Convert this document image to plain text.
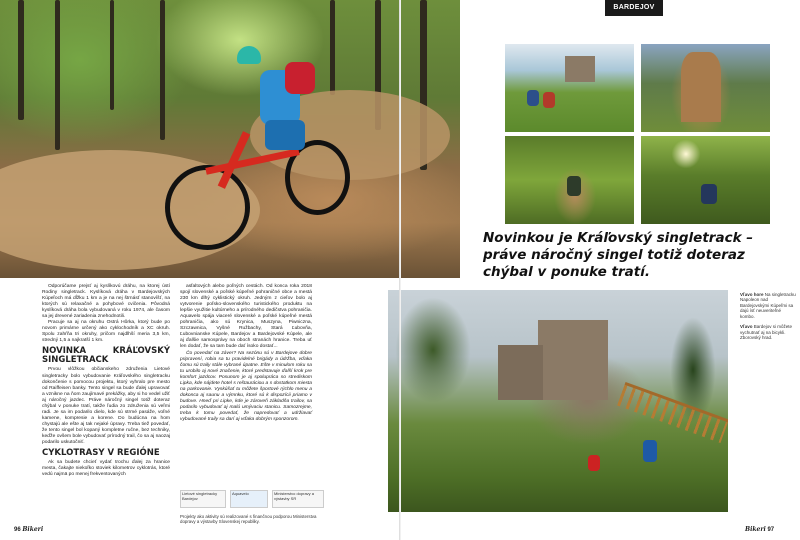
BARDEJOV

Novinkou je Kráľovský singletrack – práve náročný singel totiž doteraz chýbal v ponuke tratí.

Vľavo hore Na singletracku Napoleon nad Bardejovskými Kúpeľmi sa dajú ísť neuveriteľné kombo.

Vľavo Bardejov si môžete vychutnať aj na bicykli. Zborovský hrad.

Odporúčame prejsť aj kyslíkovú dráhu, na ktorej ústí Rodiny singletrack. Kyslíková dráha v Bardejovských Kúpeľoch má dĺžku 1 km a je na nej štrnásť stanovíšť, na ktorých sú relaxačné a pohybové cvičenia. Pôvodná kyslíková dráha bola vybudovaná v roku 1974, ale časom sa jej drevené zariadenia znehodnotili.

Pracuje sa aj na okruhu Ostrá Hôrka, ktorý bude po novom primárne určený ako cyklochodník a XC okruh. Spolu zahŕňa tri okruhy, pričom najdlhší meria 3,5 km, stredný 1,5 a najkratší 1 km.

NOVINKA KRÁĽOVSKÝ SINGLETRACK

Prvou vlôžkou občianskeho združenia Lietové singletracky bolo vybudovanie Kráľovského singletracku dokončenie s pomocou projektu, ktorý vyhralo pre mesto od Raiffeisen banky. Tento singel sa bude ďalej upravovať a vznikne na ňom zaujímavé prekážky, aby si ho vedel užiť aj náročný jazdec. Práve náročný singel totiž doteraz chýbal v ponuke tratí, takže ľudia zo združenia sú veľmi radi. Je sa im podarilo dielo, kde sú strmé pasáže, voľné kamene, kompresie a korene. Do budúcna na hom chystajú ale ešte aj tak nejaké úpravy. Treba tiež povedať, že tento singel bol kopaný kompletne ručne, bez techniky, keďže ovšem bole vybudovať prírodný trail, čo sa aj naozaj podarilo uskutočniť.

CYKLOTRASY V REGIÓNE

Ak sa budete chcieť vydať trochu ďalej za hranice mesta, čakajte niekoľko stoviek kilometrov cyklotrás, ktoré vedú najmä po menej frekventovaných

asfaltových alebo poľných cestách. Od konca roka 2018 spojí slovenské a poľské kúpeľné pohraničné obce a mestá 230 km dlhý cyklistický okruh. Jedným z cieľov bolo aj vytvorenie poľsko-slovenského turistického produktu na lepšie využitie kultúrneho a prírodného dedičstva pohraničia. Aquavelo spája viaceré slovenské a poľské kúpeľné mestá pohraničia, ako sú Krynica, Muszyna, Piwniczna, Szczawnica, Vyšné Ružbachy, Stará Ľubovňa, Ľubovnianske Kúpele, Bardejov a Bardejovské Kúpele, ale aj ďalšie samosprávy na oboch stranách hranice. Treba uť len dodať, že sa tam bude dať ísoko dostať...

Čo povedať na záver? Na sezónu sú v Bardejove dobre pripravení, robia sa tu pravidelné brigády a údržba, vďaka čomu sú traily stále vybrané úpatne. Ešte v minulom roku sa tu urobilo aj nové značenie, ktoré predstavuje ďalší krok pre komfort jazdcov. Posunom je aj spolupráca so strediskom Lipka, kde nájdete hotel s reštauráciou a s dostatkom miesta na parkovanie. Vyskúšať tu môžete športové rýchlo menu a dokonca aj saunu a výmnku, ktoré sú k dispozícii priamo v budove. Hneď pri Lipke, kde je zároveň základňa trailov, sa podarilo vybudovať aj malú umývaciu stanicu. Samozrejme, treba k tomu povedať, že napredovať a udržiavať vybudované traily sa darí aj vďaka dobrým sponzorom.

Lietové singletracky Bardejov
Aquavelo	Ministerstvo dopravy a výstavby SR
Projekty ako aktivity sú realizované s finančnou podporou Ministerstva dopravy a výstavby Slovenskej republiky.
96 Bikeri	Bikeri 97
